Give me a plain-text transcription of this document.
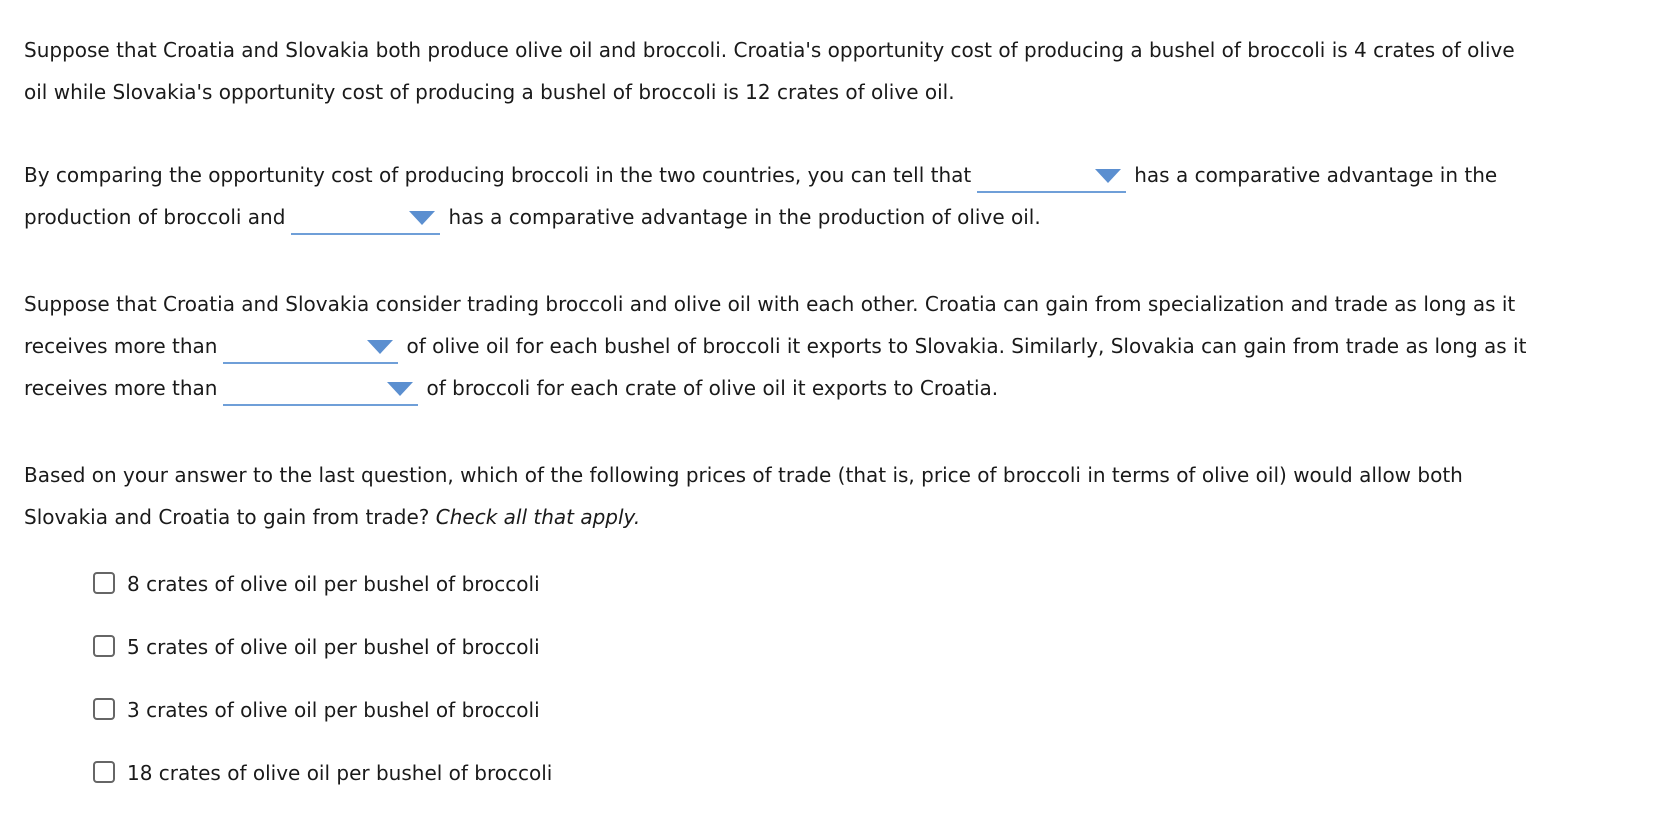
Suppose that Croatia and Slovakia both produce olive oil and broccoli. Croatia's opportunity cost of producing a bushel of broccoli is 4 crates of olive
oil while Slovakia's opportunity cost of producing a bushel of broccoli is 12 crates of olive oil.
By comparing the opportunity cost of producing broccoli in the two countries, you can tell that	has a comparative advantage in the
production of broccoli and	has a comparative advantage in the production of olive oil.
Suppose that Croatia and Slovakia consider trading broccoli and olive oil with each other. Croatia can gain from specialization and trade as long as it
receives more than	of olive oil for each bushel of broccoli it exports to Slovakia. Similarly, Slovakia can gain from trade as long as it
receives more than	of broccoli for each crate of olive oil it exports to Croatia.
Based on your answer to the last question, which of the following prices of trade (that is, price of broccoli in terms of olive oil) would allow both
Slovakia and Croatia to gain from trade? Check all that apply.
8 crates of olive oil per bushel of broccoli
5 crates of olive oil per bushel of broccoli
3 crates of olive oil per bushel of broccoli
18 crates of olive oil per bushel of broccoli
